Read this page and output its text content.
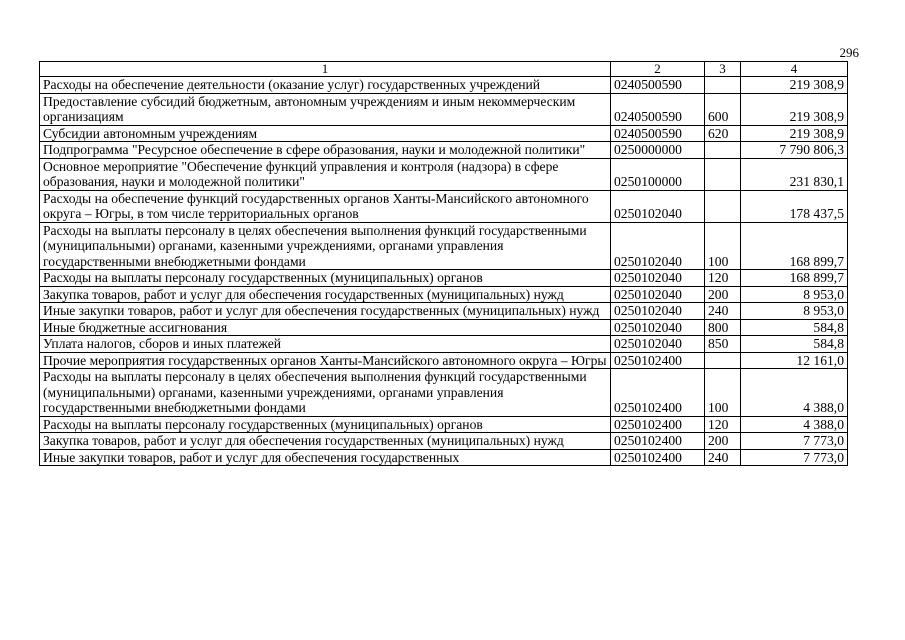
296
1	2	3	4
Расходы на обеспечение деятельности (оказание услуг) государственных учреждений	0240500590		219 308,9
Предоставление субсидий бюджетным, автономным учреждениям и иным некоммерческим организациям	0240500590	600	219 308,9
Субсидии автономным учреждениям	0240500590	620	219 308,9
Подпрограмма "Ресурсное обеспечение в сфере образования, науки и молодежной политики"	0250000000		7 790 806,3
Основное мероприятие "Обеспечение функций управления и контроля (надзора) в сфере образования, науки и молодежной политики"	0250100000		231 830,1
Расходы на обеспечение функций государственных органов Ханты-Мансийского автономного округа – Югры, в том числе территориальных органов	0250102040		178 437,5
Расходы на выплаты персоналу в целях обеспечения выполнения функций государственными (муниципальными) органами, казенными учреждениями, органами управления государственными внебюджетными фондами	0250102040	100	168 899,7
Расходы на выплаты персоналу государственных (муниципальных) органов	0250102040	120	168 899,7
Закупка товаров, работ и услуг для обеспечения государственных (муниципальных) нужд	0250102040	200	8 953,0
Иные закупки товаров, работ и услуг для обеспечения государственных (муниципальных) нужд	0250102040	240	8 953,0
Иные бюджетные ассигнования	0250102040	800	584,8
Уплата налогов, сборов и иных платежей	0250102040	850	584,8
Прочие мероприятия государственных органов Ханты-Мансийского автономного округа – Югры	0250102400		12 161,0
Расходы на выплаты персоналу в целях обеспечения выполнения функций государственными (муниципальными) органами, казенными учреждениями, органами управления государственными внебюджетными фондами	0250102400	100	4 388,0
Расходы на выплаты персоналу государственных (муниципальных) органов	0250102400	120	4 388,0
Закупка товаров, работ и услуг для обеспечения государственных (муниципальных) нужд	0250102400	200	7 773,0
Иные закупки товаров, работ и услуг для обеспечения государственных	0250102400	240	7 773,0
